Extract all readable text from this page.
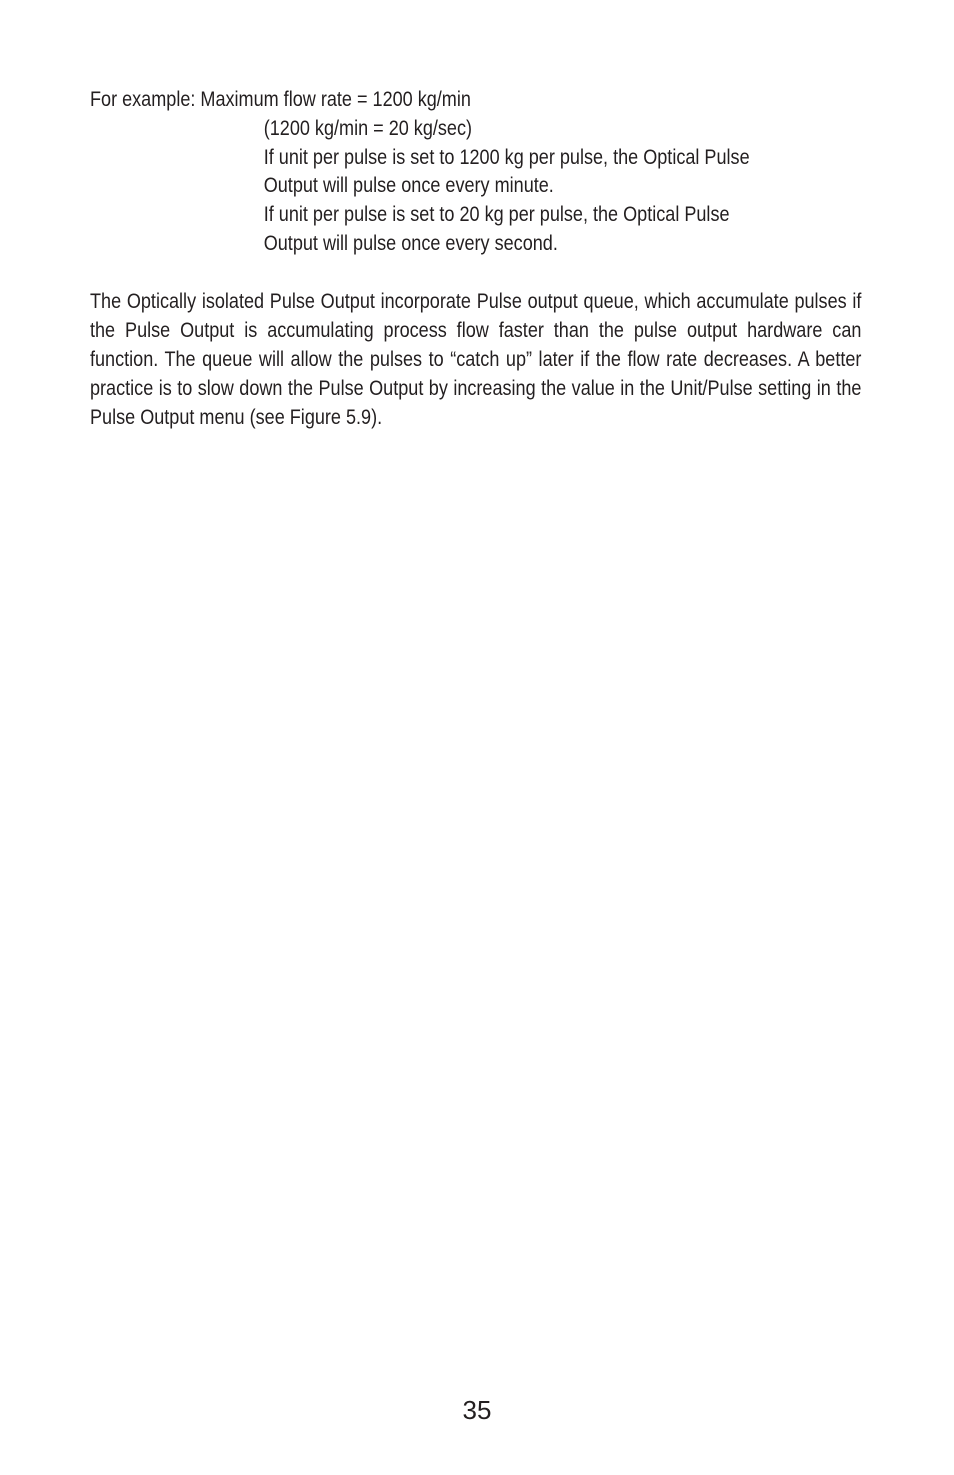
For example: Maximum flow rate = 1200 kg/min
(1200 kg/min = 20 kg/sec)
If unit per pulse is set to 1200 kg per pulse, the Optical Pulse
Output will pulse once every minute.
If unit per pulse is set to 20 kg per pulse, the Optical Pulse
Output will pulse once every second.

The Optically isolated Pulse Output incorporate Pulse output queue, which accumulate pulses if the Pulse Output is accumulating process flow faster than the pulse output hardware can function. The queue will allow the pulses to “catch up” later if the flow rate decreases. A better practice is to slow down the Pulse Output by increasing the value in the Unit/Pulse setting in the Pulse Output menu (see Figure 5.9).

35
